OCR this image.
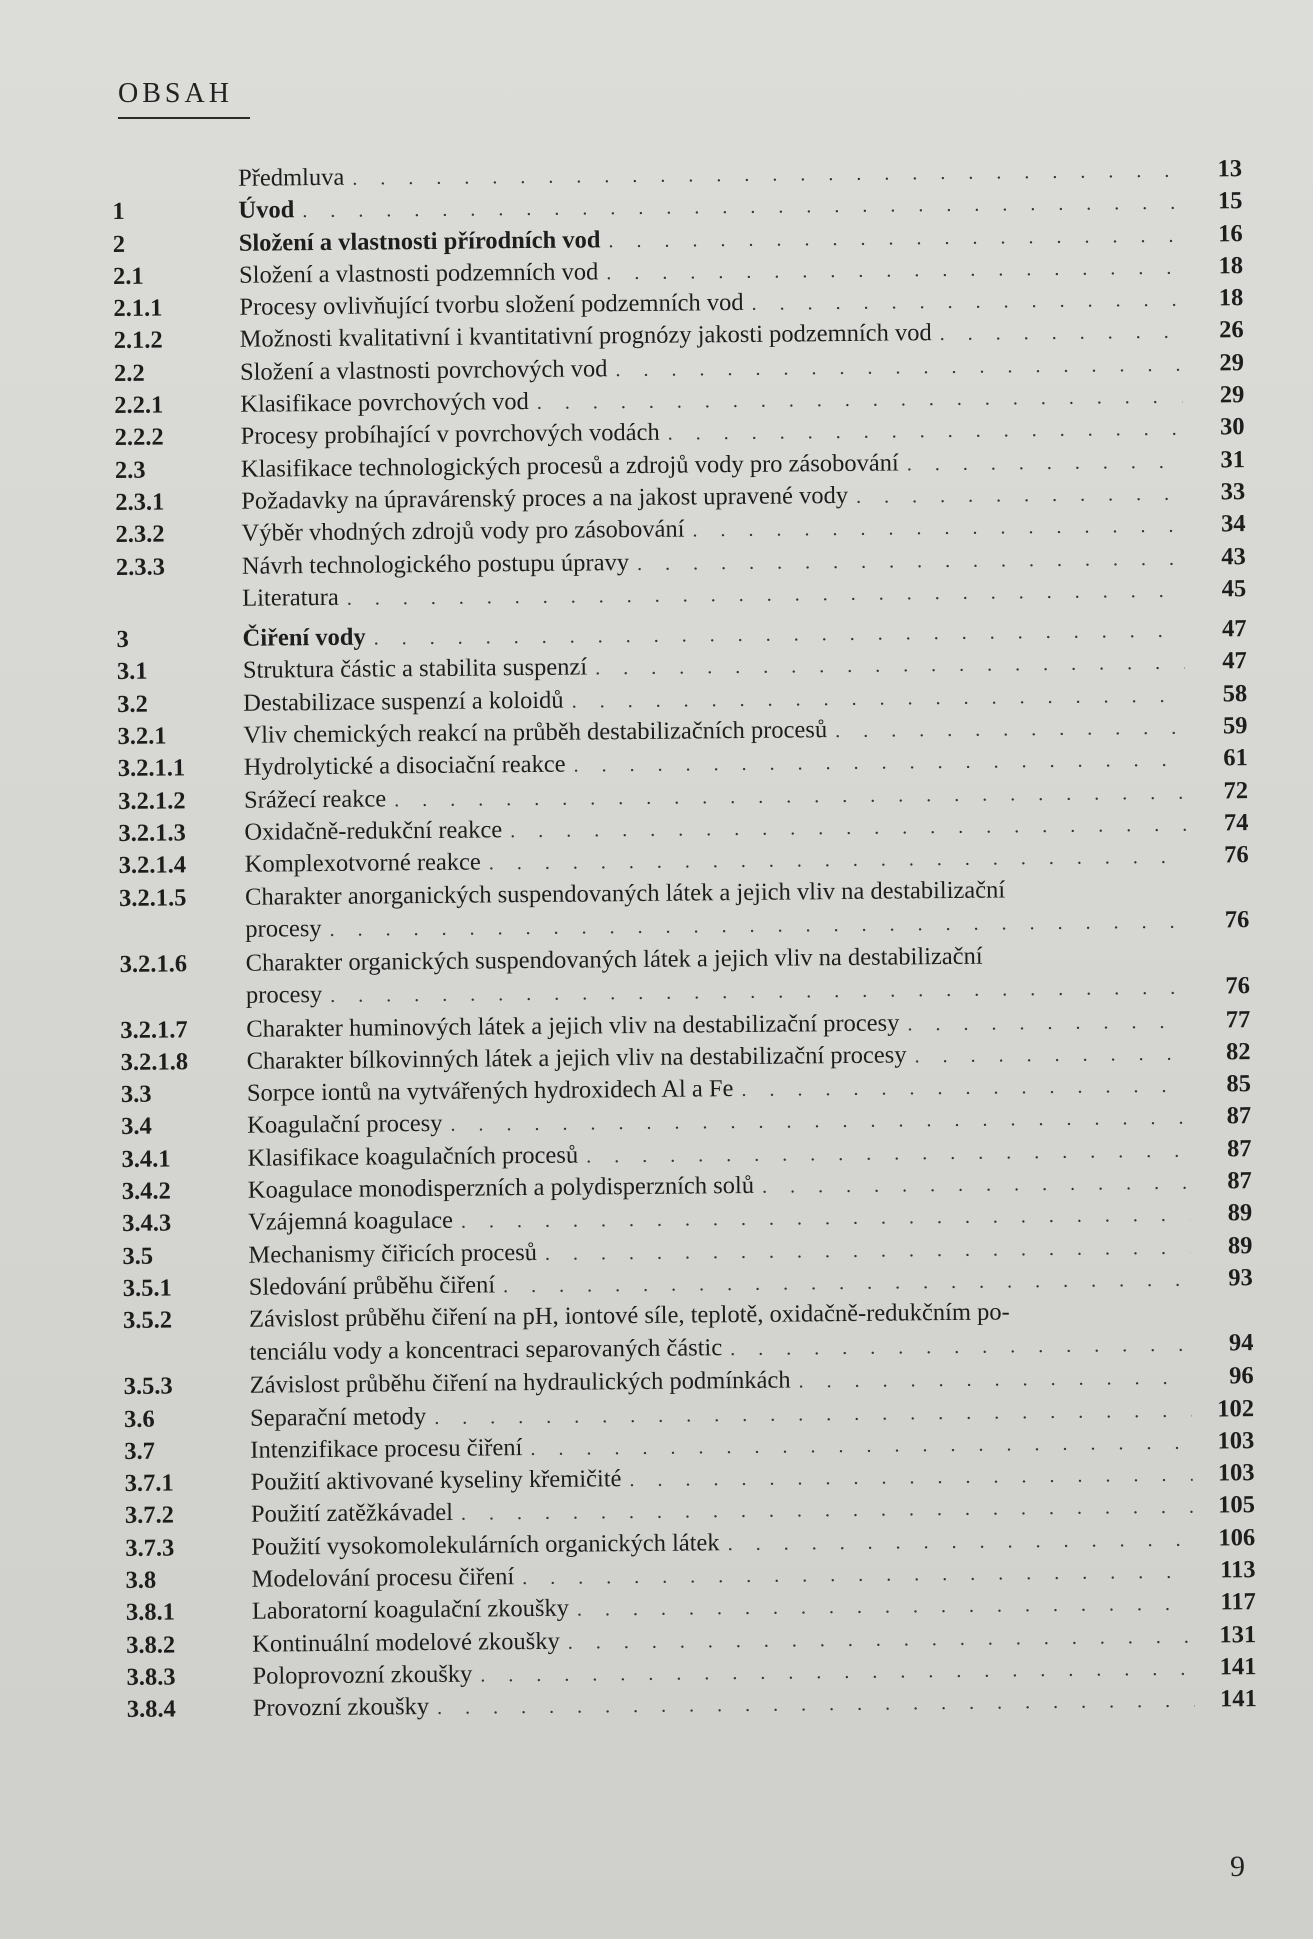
OBSAH
Předmluva . . .	13
1	Úvod . . .	15
2	Složení a vlastnosti přírodních vod . . .	16
2.1	Složení a vlastnosti podzemních vod . . .	18
2.1.1	Procesy ovlivňující tvorbu složení podzemních vod . . .	18
2.1.2	Možnosti kvalitativní i kvantitativní prognózy jakosti podzemních vod . . .	26
2.2	Složení a vlastnosti povrchových vod . . .	29
2.2.1	Klasifikace povrchových vod . . .	29
2.2.2	Procesy probíhající v povrchových vodách . . .	30
2.3	Klasifikace technologických procesů a zdrojů vody pro zásobování . . .	31
2.3.1	Požadavky na úpravárenský proces a na jakost upravené vody . . .	33
2.3.2	Výběr vhodných zdrojů vody pro zásobování . . .	34
2.3.3	Návrh technologického postupu úpravy . . .	43
Literatura . . .	45
3	Čiření vody . . .	47
3.1	Struktura částic a stabilita suspenzí . . .	47
3.2	Destabilizace suspenzí a koloidů . . .	58
3.2.1	Vliv chemických reakcí na průběh destabilizačních procesů . . .	59
3.2.1.1	Hydrolytické a disociační reakce . . .	61
3.2.1.2	Srážecí reakce . . .	72
3.2.1.3	Oxidačně-redukční reakce . . .	74
3.2.1.4	Komplexotvorné reakce . . .	76
3.2.1.5	Charakter anorganických suspendovaných látek a jejich vliv na destabilizační
procesy . . .	76
3.2.1.6	Charakter organických suspendovaných látek a jejich vliv na destabilizační
procesy . . .	76
3.2.1.7	Charakter huminových látek a jejich vliv na destabilizační procesy . . .	77
3.2.1.8	Charakter bílkovinných látek a jejich vliv na destabilizační procesy . . .	82
3.3	Sorpce iontů na vytvářených hydroxidech Al a Fe . . .	85
3.4	Koagulační procesy . . .	87
3.4.1	Klasifikace koagulačních procesů . . .	87
3.4.2	Koagulace monodisperzních a polydisperzních solů . . .	87
3.4.3	Vzájemná koagulace . . .	89
3.5	Mechanismy čiřicích procesů . . .	89
3.5.1	Sledování průběhu čiření . . .	93
3.5.2	Závislost průběhu čiření na pH, iontové síle, teplotě, oxidačně-redukčním po-
tenciálu vody a koncentraci separovaných částic . . .	94
3.5.3	Závislost průběhu čiření na hydraulických podmínkách . . .	96
3.6	Separační metody . . .	102
3.7	Intenzifikace procesu čiření . . .	103
3.7.1	Použití aktivované kyseliny křemičité . . .	103
3.7.2	Použití zatěžkávadel . . .	105
3.7.3	Použití vysokomolekulárních organických látek . . .	106
3.8	Modelování procesu čiření . . .	113
3.8.1	Laboratorní koagulační zkoušky . . .	117
3.8.2	Kontinuální modelové zkoušky . . .	131
3.8.3	Poloprovozní zkoušky . . .	141
3.8.4	Provozní zkoušky . . .	141
9
